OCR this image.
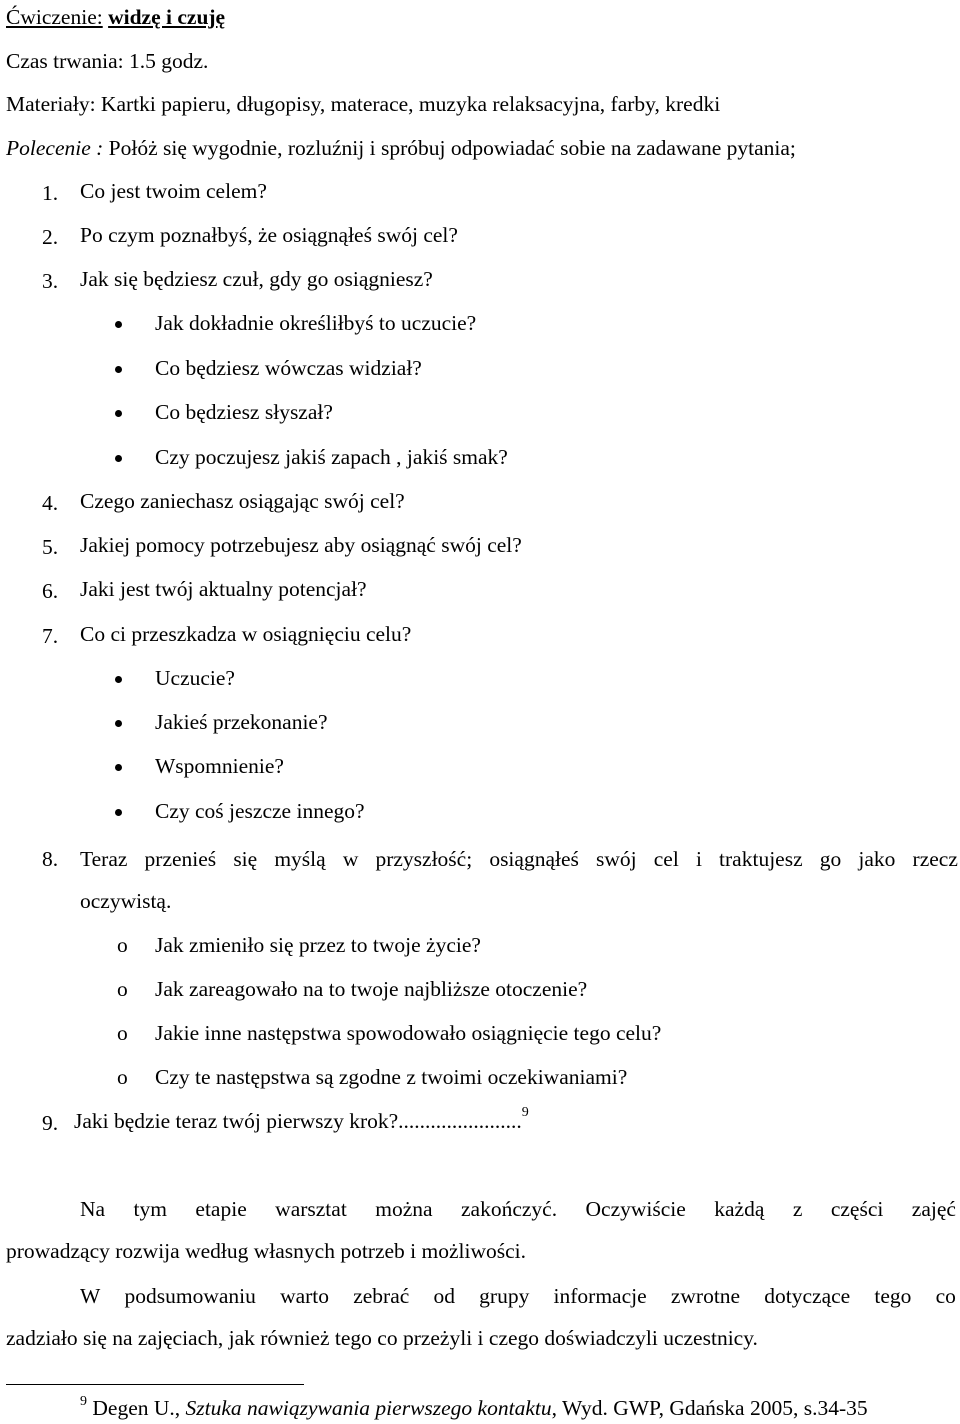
Ćwiczenie: widzę i czuję
Czas trwania: 1.5 godz.
Materiały: Kartki papieru, długopisy, materace, muzyka relaksacyjna, farby, kredki
Polecenie : Połóż się wygodnie, rozluźnij i spróbuj odpowiadać sobie na zadawane pytania;
1. Co jest twoim celem?
2. Po czym poznałbyś, że osiągnąłeś swój cel?
3. Jak się będziesz czuł, gdy go osiągniesz?
Jak dokładnie określiłbyś to uczucie?
Co będziesz wówczas widział?
Co będziesz słyszał?
Czy poczujesz jakiś zapach , jakiś smak?
4. Czego zaniechasz osiągając swój cel?
5. Jakiej pomocy potrzebujesz aby osiągnąć swój cel?
6. Jaki jest twój aktualny potencjał?
7. Co ci przeszkadza w osiągnięciu celu?
Uczucie?
Jakieś przekonanie?
Wspomnienie?
Czy coś jeszcze innego?
8. Teraz przenieś się myślą w przyszłość; osiągnąłeś swój cel i traktujesz go jako rzecz
oczywistą.
o Jak zmieniło się przez to twoje życie?
o Jak zareagowało na to twoje najbliższe otoczenie?
o Jakie inne następstwa spowodowało osiągnięcie tego celu?
o Czy te następstwa są zgodne z twoimi oczekiwaniami?
9. Jaki będzie teraz twój pierwszy krok?.......................$^9$
Na tym etapie warsztat można zakończyć. Oczywiście każdą z części zajęć
prowadzący rozwija według własnych potrzeb i możliwości.
W podsumowaniu warto zebrać od grupy informacje zwrotne dotyczące tego co
zadziało się na zajęciach, jak również tego co przeżyli i czego doświadczyli uczestnicy.
$^9$ Degen U., Sztuka nawiązywania pierwszego kontaktu, Wyd. GWP, Gdańska 2005, s.34-35
